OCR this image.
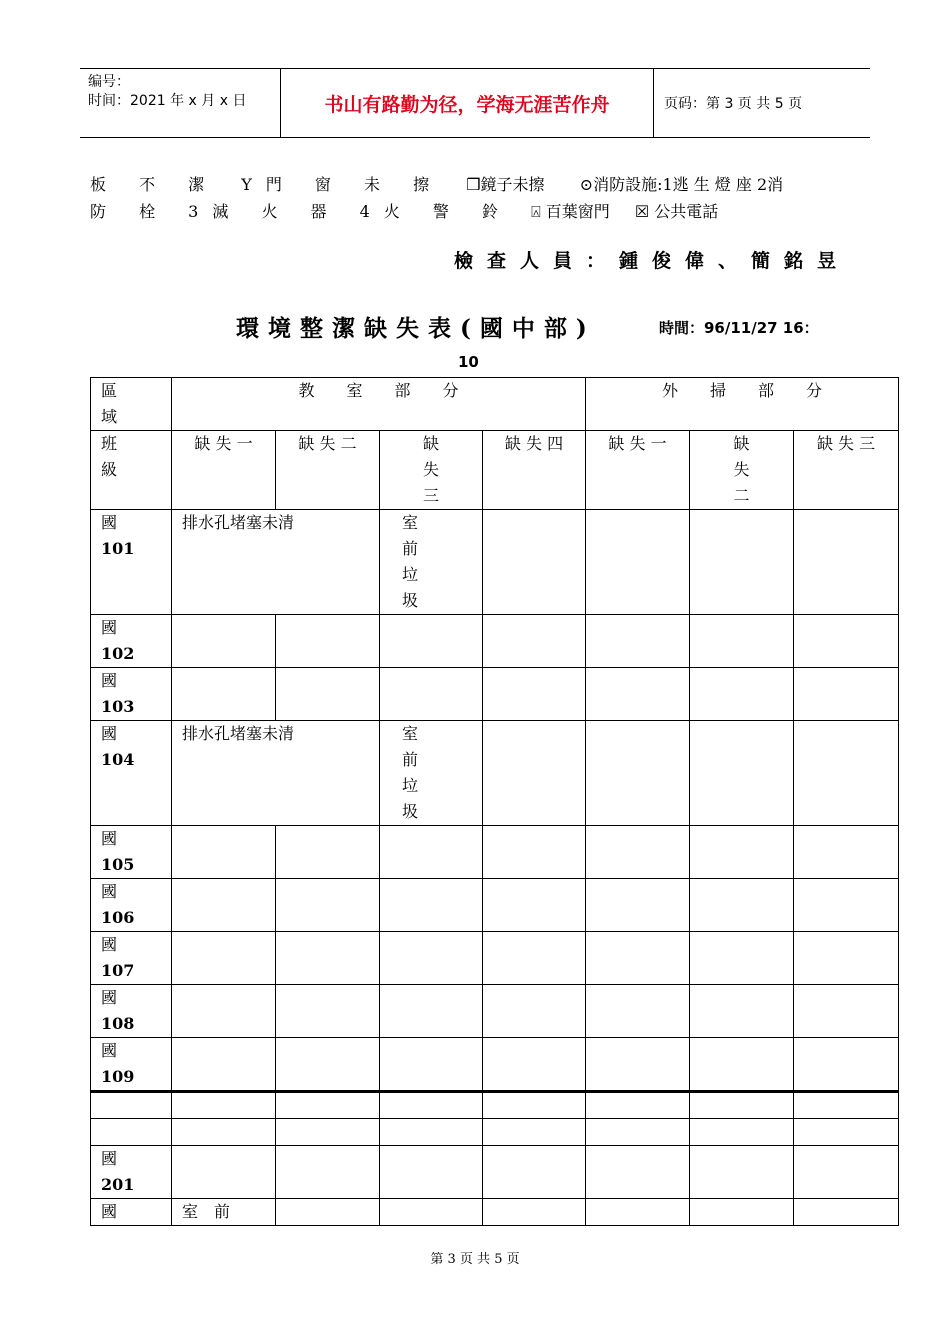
编号：
时间：2021 年 x 月 x 日	书山有路勤为径，学海无涯苦作舟	页码：第 3 页 共 5 页
板 不 潔 Y門 窗 未 擦 ❒鏡子未擦 ⊙消防設施:1逃 生 燈 座 2消
防 栓 3滅 火 器 4火 警 鈴 ⍓ 百葉窗門 ☒ 公共電話
檢查人員：鍾俊偉、簡銘昱
環境整潔缺失表(國中部)	時間：96/11/27 16：
10
區域	教　　室　　部　　分				外　　掃　　部　　分		

班級	缺 失 一	缺 失 二	缺 失 三	缺 失 四	缺 失 一	缺 失 二	缺 失 三
國
101	排水孔堵塞未清		室前垃圾				

國
102							

國
103							

國
104	排水孔堵塞未清		室前垃圾				

國
105							

國
106							

國
107							

國
108							

國
109							

國
201							

國	室　前						
第 3 页 共 5 页
